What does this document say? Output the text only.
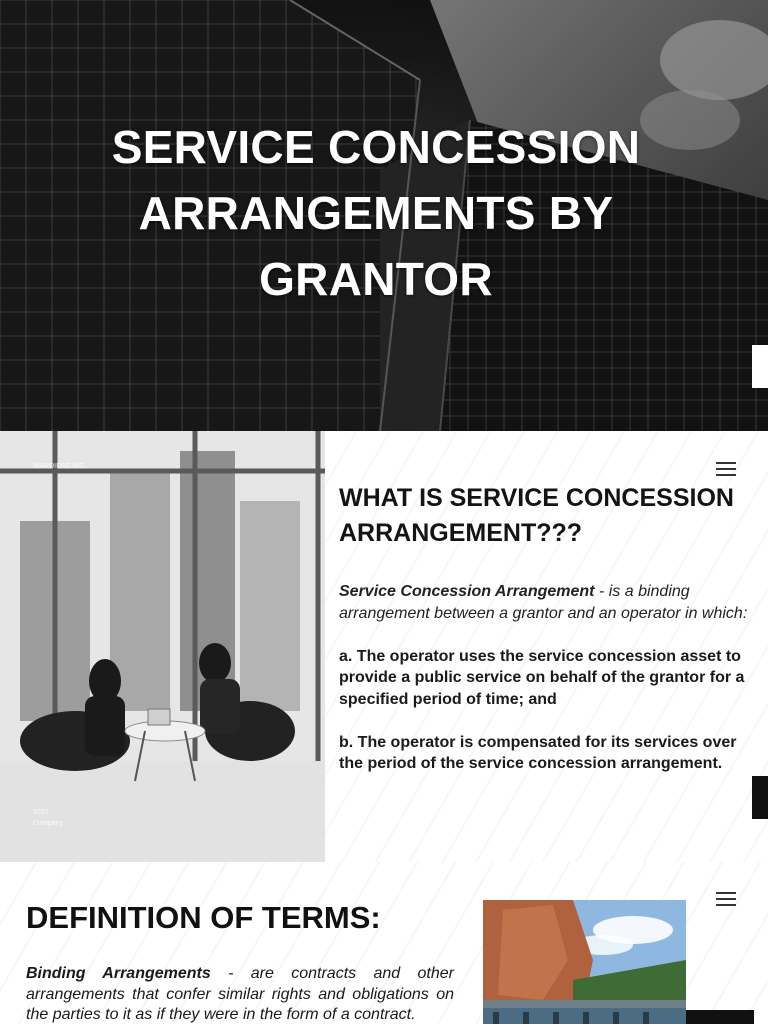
SERVICE CONCESSION ARRANGEMENTS BY GRANTOR
WARDIERE INC.
2022
Company
WHAT IS SERVICE CONCESSION ARRANGEMENT???

Service Concession Arrangement - is a binding arrangement between a grantor and an operator in which:

a. The operator uses the service concession asset to provide a public service on behalf of the grantor for a specified period of time; and

b. The operator is compensated for its services over the period of the service concession arrangement.

DEFINITION OF TERMS:
Binding Arrangements - are contracts and other arrangements that confer similar rights and obligations on the parties to it as if they were in the form of a contract.
